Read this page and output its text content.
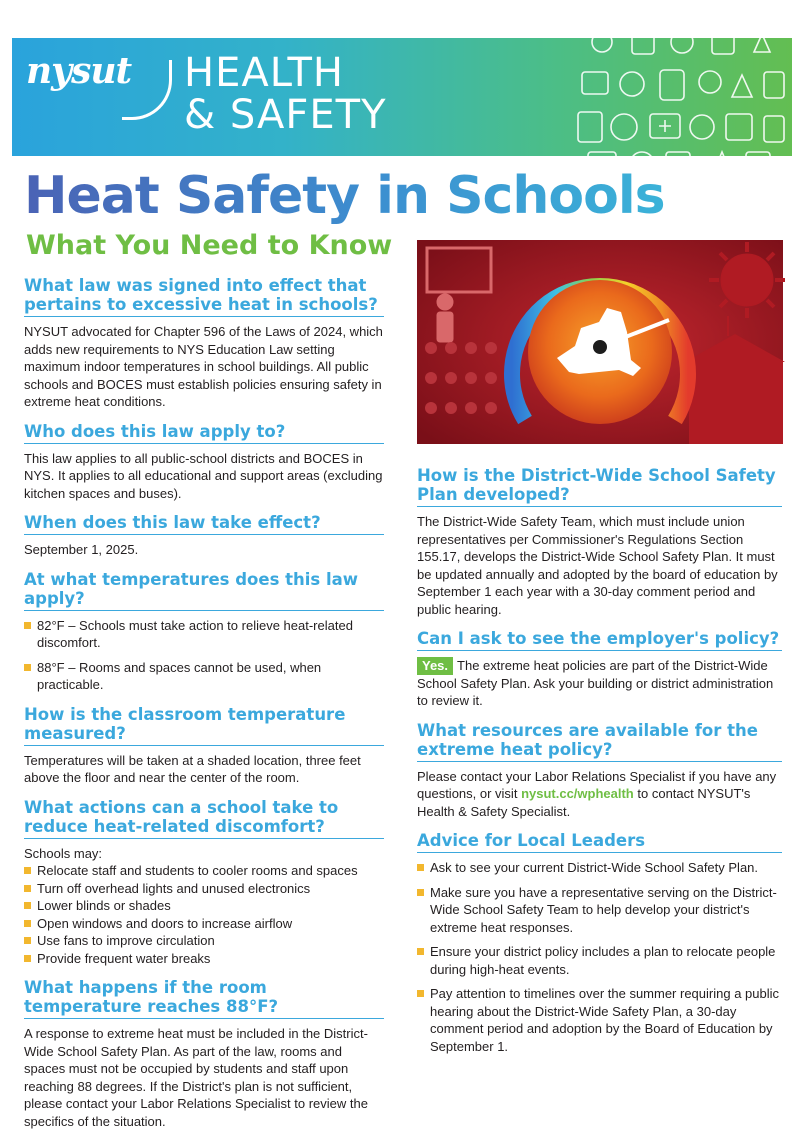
nysut HEALTH
& SAFETY
Heat Safety in Schools
What You Need to Know
What law was signed into effect that pertains to excessive heat in schools?

NYSUT advocated for Chapter 596 of the Laws of 2024, which adds new requirements to NYS Education Law setting maximum indoor temperatures in school buildings. All public schools and BOCES must establish policies ensuring safety in extreme heat conditions.

Who does this law apply to?

This law applies to all public-school districts and BOCES in NYS. It applies to all educational and support areas (excluding kitchen spaces and buses).

When does this law take effect?

September 1, 2025.

At what temperatures does this law apply?
82°F – Schools must take action to relieve heat-related discomfort.
88°F – Rooms and spaces cannot be used, when practicable.
How is the classroom temperature measured?

Temperatures will be taken at a shaded location, three feet above the floor and near the center of the room.

What actions can a school take to reduce heat-related discomfort?

Schools may:

Relocate staff and students to cooler rooms and spaces
Turn off overhead lights and unused electronics
Lower blinds or shades
Open windows and doors to increase airflow
Use fans to improve circulation
Provide frequent water breaks
What happens if the room temperature reaches 88°F?

A response to extreme heat must be included in the District-Wide School Safety Plan. As part of the law, rooms and spaces must not be occupied by students and staff upon reaching 88 degrees. If the District's plan is not sufficient, please contact your Labor Relations Specialist to review the specifics of the situation.

How is the District-Wide School Safety Plan developed?

The District-Wide Safety Team, which must include union representatives per Commissioner's Regulations Section 155.17, develops the District-Wide School Safety Plan. It must be updated annually and adopted by the board of education by September 1 each year with a 30-day comment period and public hearing.

Can I ask to see the employer's policy?

Yes. The extreme heat policies are part of the District-Wide School Safety Plan. Ask your building or district administration to review it.

What resources are available for the extreme heat policy?

Please contact your Labor Relations Specialist if you have any questions, or visit nysut.cc/wphealth to contact NYSUT's Health & Safety Specialist.

Advice for Local Leaders
Ask to see your current District-Wide School Safety Plan.
Make sure you have a representative serving on the District-Wide School Safety Team to help develop your district's extreme heat responses.
Ensure your district policy includes a plan to relocate people during high-heat events.
Pay attention to timelines over the summer requiring a public hearing about the District-Wide Safety Plan, a 30-day comment period and adoption by the Board of Education by September 1.
